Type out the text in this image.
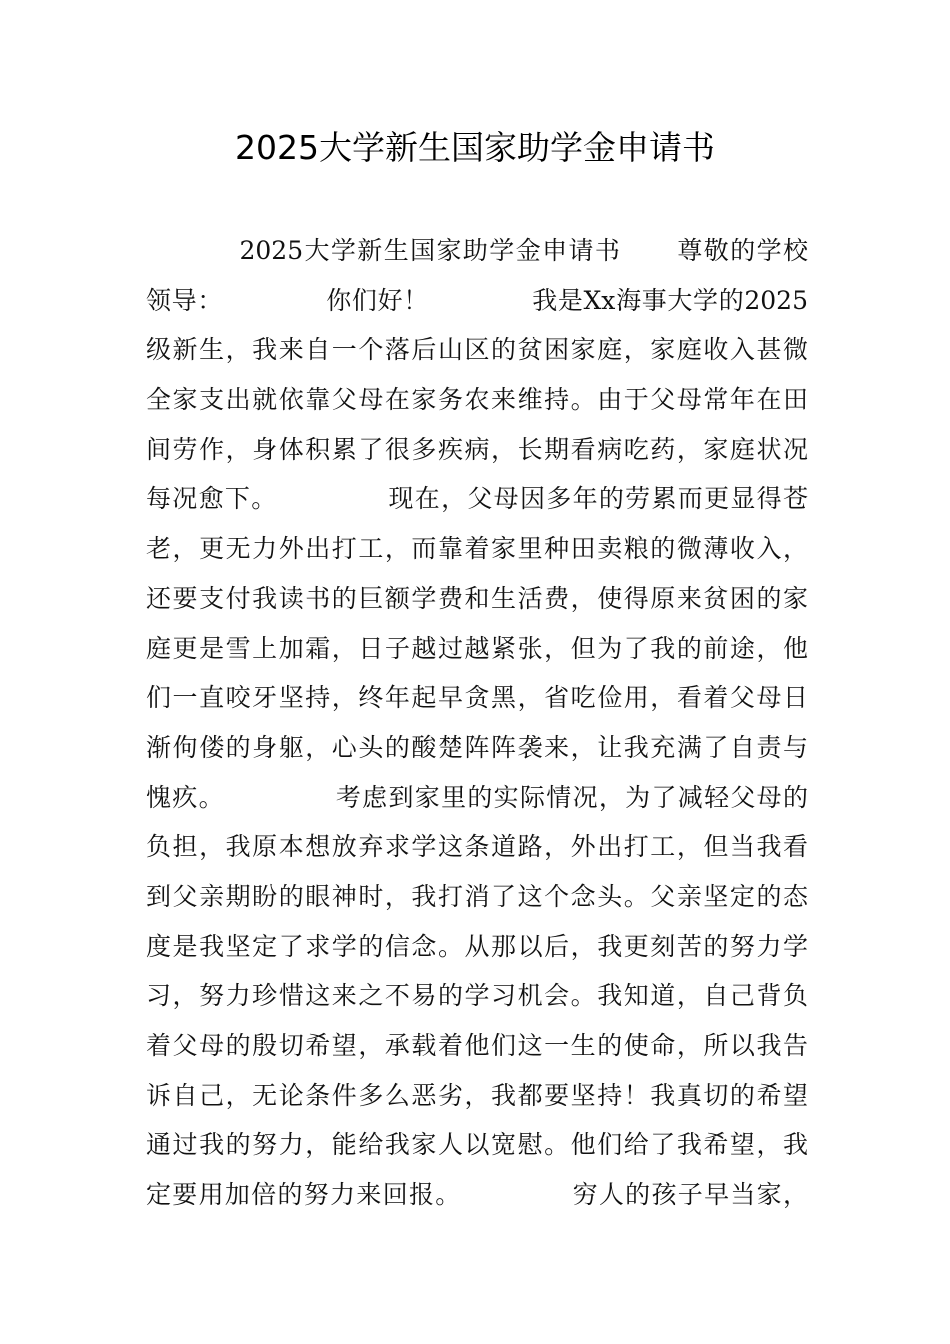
2025大学新生国家助学金申请书
2025大学新生国家助学金申请书      尊敬的学校
领导：            你们好！            我是Xx海事大学的2025
级新生，我来自一个落后山区的贫困家庭，家庭收入甚微
全家支出就依靠父母在家务农来维持。由于父母常年在田
间劳作，身体积累了很多疾病，长期看病吃药，家庭状况
每况愈下。            现在，父母因多年的劳累而更显得苍
老，更无力外出打工，而靠着家里种田卖粮的微薄收入，
还要支付我读书的巨额学费和生活费，使得原来贫困的家
庭更是雪上加霜，日子越过越紧张，但为了我的前途，他
们一直咬牙坚持，终年起早贪黑，省吃俭用，看着父母日
渐佝偻的身躯，心头的酸楚阵阵袭来，让我充满了自责与
愧疚。            考虑到家里的实际情况，为了减轻父母的
负担，我原本想放弃求学这条道路，外出打工，但当我看
到父亲期盼的眼神时，我打消了这个念头。父亲坚定的态
度是我坚定了求学的信念。从那以后，我更刻苦的努力学
习，努力珍惜这来之不易的学习机会。我知道，自己背负
着父母的殷切希望，承载着他们这一生的使命，所以我告
诉自己，无论条件多么恶劣，我都要坚持！我真切的希望
通过我的努力，能给我家人以宽慰。他们给了我希望，我
定要用加倍的努力来回报。            穷人的孩子早当家，
